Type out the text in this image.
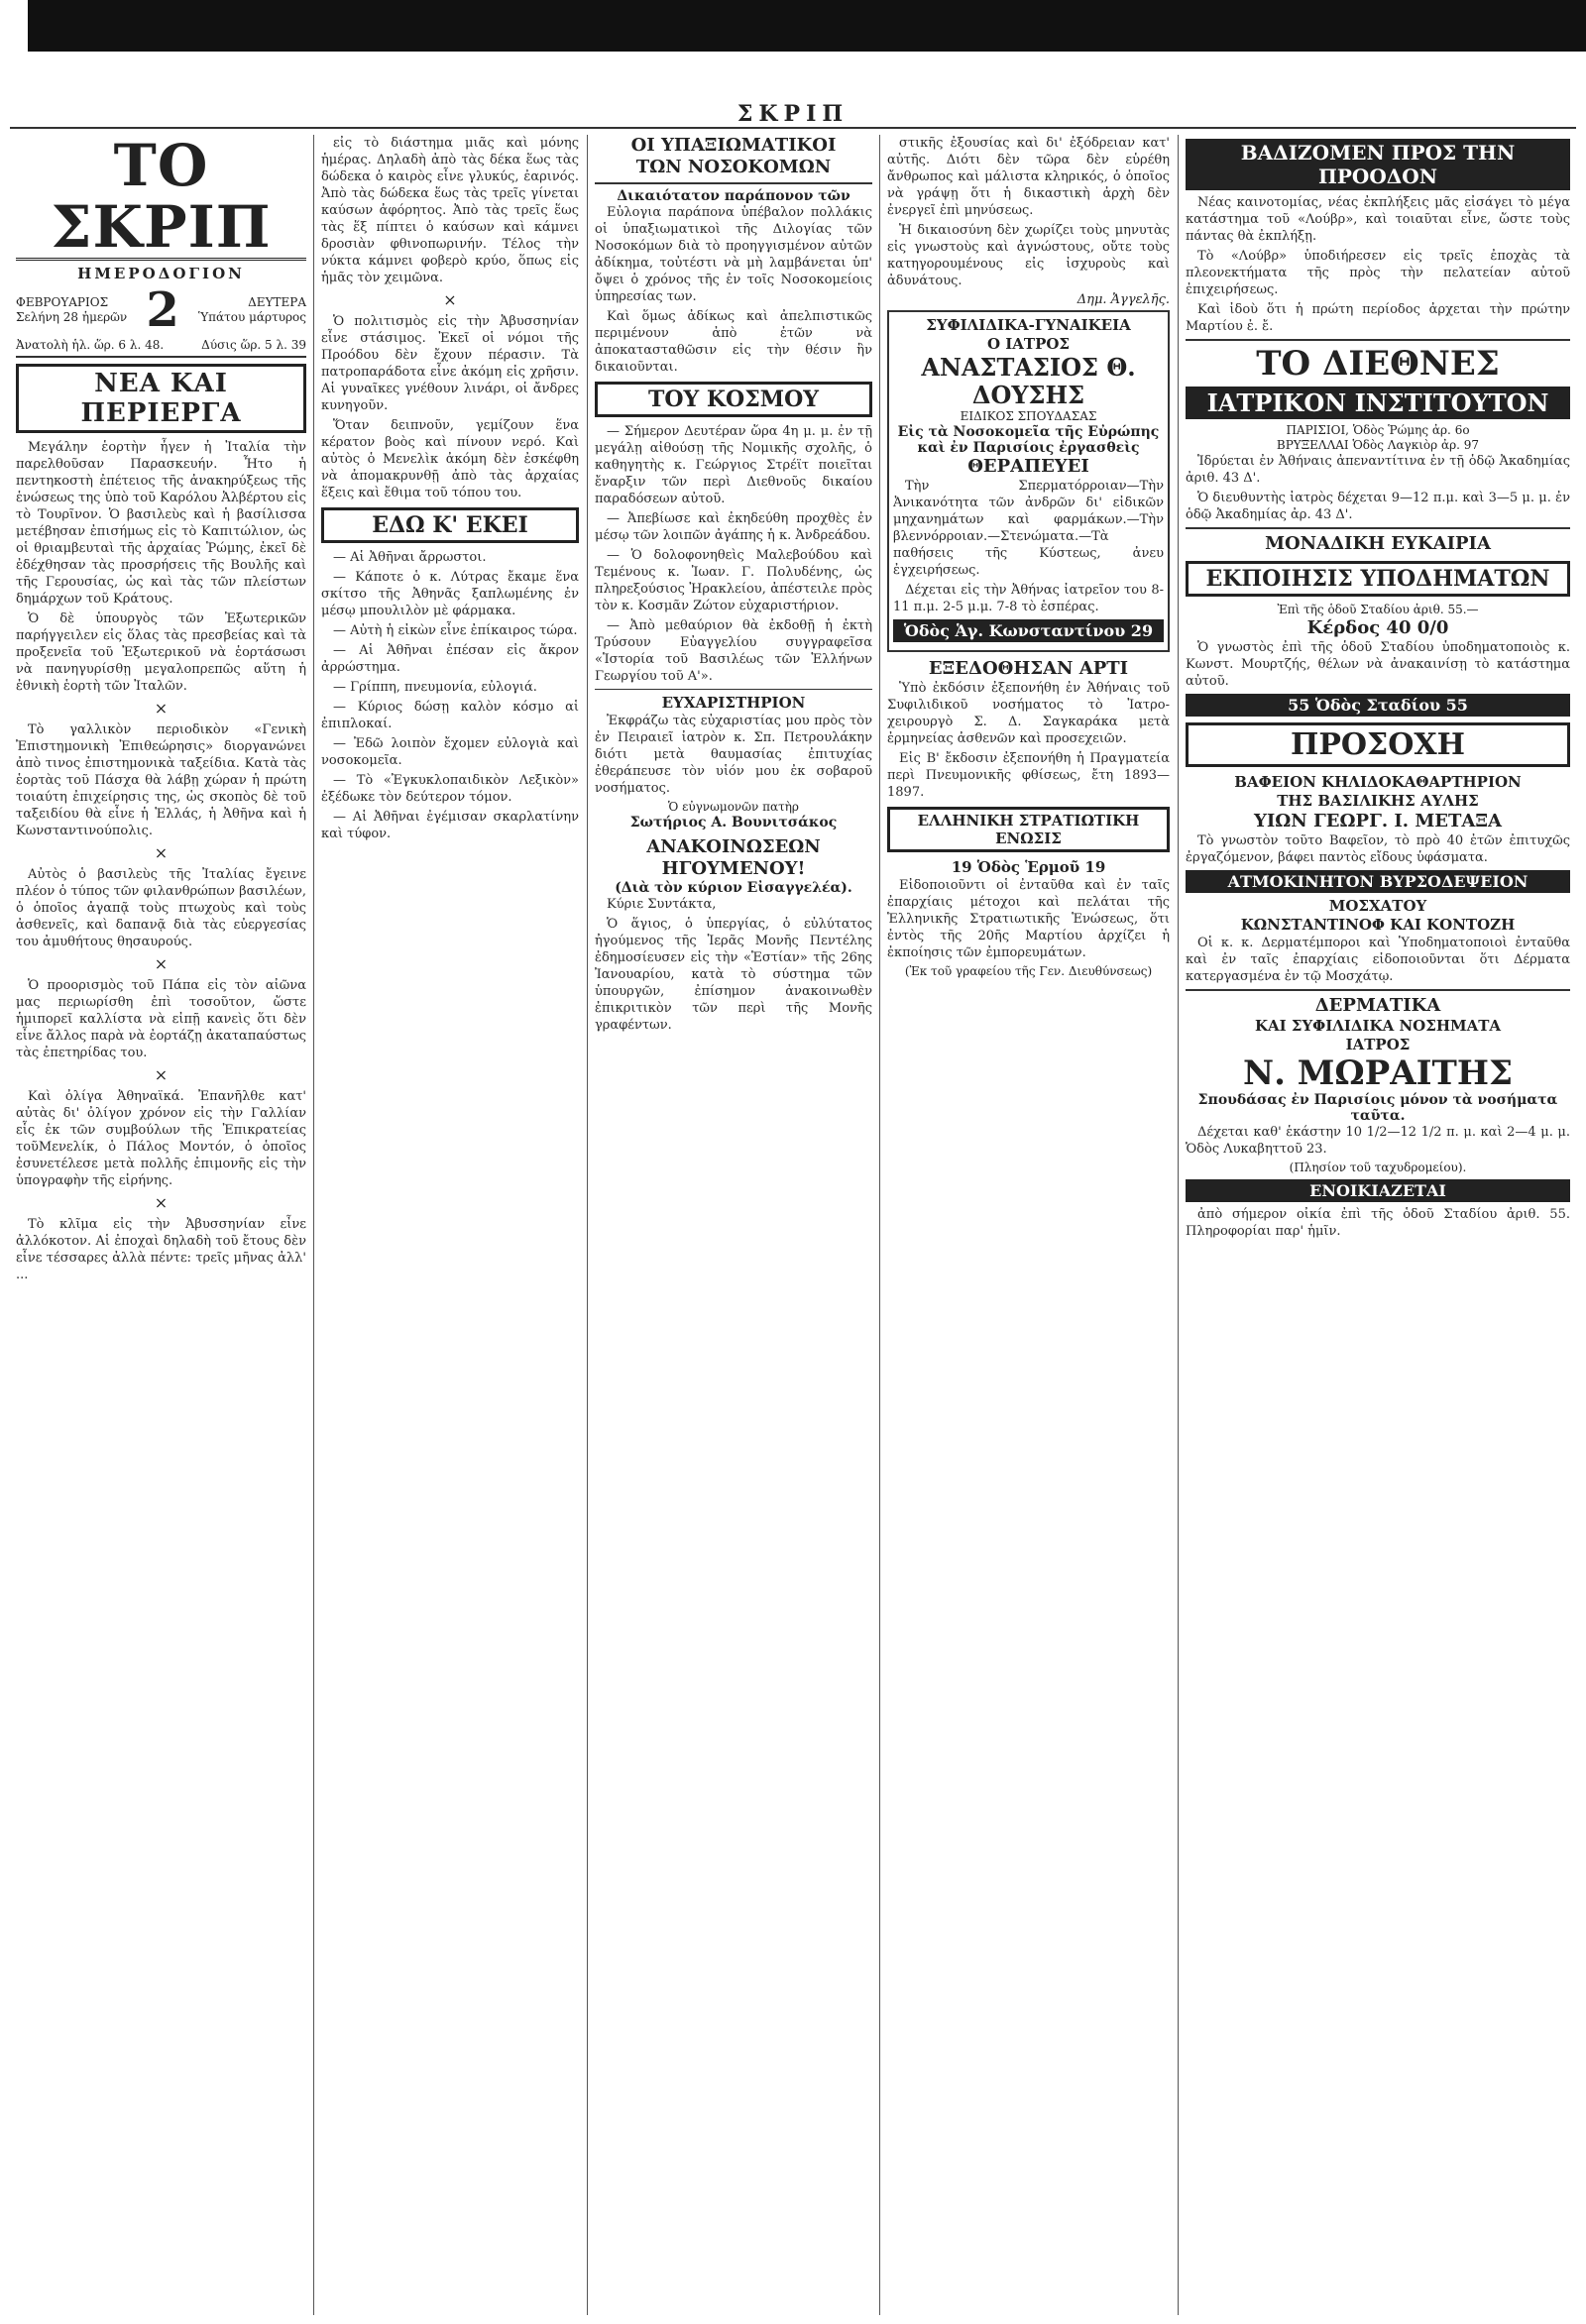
ΣΚΡΙΠ
ΤΟ ΣΚΡΙΠ
ΗΜΕΡΟΔΟΓΙΟΝ
ΦΕΒΡΟΥΑΡΙΟΣ
Σελήνη 28 ἡμερῶν 2	ΔΕΥΤΕΡΑ
Ὑπάτου μάρτυρος
Ἀνατολὴ ἡλ. ὥρ. 6 λ. 48.	Δύσις ὥρ. 5 λ. 39
ΝΕΑ ΚΑΙ ΠΕΡΙΕΡΓΑ

Μεγάλην ἑορτὴν ἦγεν ἡ Ἰταλία τὴν παρελθοῦσαν Παρασκευήν. Ἦτο ἡ πεντηκοστὴ ἐπέτειος τῆς ἀνακηρύξεως τῆς ἑνώσεως της ὑπὸ τοῦ Καρόλου Ἀλβέρτου εἰς τὸ Τουρῖνον. Ὁ βασιλεὺς καὶ ἡ βασίλισσα μετέβησαν ἐπισήμως εἰς τὸ Καπιτώλιον, ὡς οἱ θριαμβευταὶ τῆς ἀρχαίας Ῥώμης, ἐκεῖ δὲ ἐδέχθησαν τὰς προσρήσεις τῆς Βουλῆς καὶ τῆς Γερουσίας, ὡς καὶ τὰς τῶν πλείστων δημάρχων τοῦ Κράτους.

Ὁ δὲ ὑπουργὸς τῶν Ἐξωτερικῶν παρήγγειλεν εἰς ὅλας τὰς πρεσβείας καὶ τὰ προξενεῖα τοῦ Ἐξωτερικοῦ νὰ ἑορτάσωσι νὰ πανηγυρίσθῃ μεγαλοπρεπῶς αὕτη ἡ ἐθνικὴ ἑορτὴ τῶν Ἰταλῶν.

×

Τὸ γαλλικὸν περιοδικὸν «Γενικὴ Ἐπιστημονικὴ Ἐπιθεώρησις» διοργανώνει ἀπὸ τινος ἐπιστημονικὰ ταξείδια. Κατὰ τὰς ἑορτὰς τοῦ Πάσχα θὰ λάβῃ χώραν ἡ πρώτη τοιαύτη ἐπιχείρησις της, ὡς σκοπὸς δὲ τοῦ ταξειδίου θὰ εἶνε ἡ Ἑλλάς, ἡ Ἀθῆνα καὶ ἡ Κωνσταντινούπολις.

×

Αὐτὸς ὁ βασιλεὺς τῆς Ἰταλίας ἔγεινε πλέον ὁ τύπος τῶν φιλανθρώπων βασιλέων, ὁ ὁποῖος ἀγαπᾷ τοὺς πτωχοὺς καὶ τοὺς ἀσθενεῖς, καὶ δαπανᾷ διὰ τὰς εὐεργεσίας του ἀμυθήτους θησαυρούς.

×

Ὁ προορισμὸς τοῦ Πάπα εἰς τὸν αἰῶνα μας περιωρίσθη ἐπὶ τοσοῦτον, ὥστε ἡμιπορεῖ καλλίστα νὰ εἰπῇ κανεὶς ὅτι δὲν εἶνε ἄλλος παρὰ νὰ ἐορτάζῃ ἀκαταπαύστως τὰς ἐπετηρίδας του.

×

Καὶ ὀλίγα Ἀθηναϊκά. Ἐπανῆλθε κατ' αὐτὰς δι' ὀλίγον χρόνον εἰς τὴν Γαλλίαν εἷς ἐκ τῶν συμβούλων τῆς Ἐπικρατείας τοῦΜενελίκ, ὁ Πάλος Μοντόν, ὁ ὁποῖος ἐσυνετέλεσε μετὰ πολλῆς ἐπιμονῆς εἰς τὴν ὑπογραφὴν τῆς εἰρήνης.

×

Τὸ κλῖμα εἰς τὴν Ἀβυσσηνίαν εἶνε ἀλλόκοτον. Αἱ ἐποχαὶ δηλαδὴ τοῦ ἔτους δὲν εἶνε τέσσαρες ἀλλὰ πέντε: τρεῖς μῆνας ἀλλ' ...

εἰς τὸ διάστημα μιᾶς καὶ μόνης ἡμέρας. Δηλαδὴ ἀπὸ τὰς δέκα ἕως τὰς δώδεκα ὁ καιρὸς εἶνε γλυκύς, ἐαρινός. Ἀπὸ τὰς δώδεκα ἕως τὰς τρεῖς γίνεται καύσων ἀφόρητος. Ἀπὸ τὰς τρεῖς ἕως τὰς ἕξ πίπτει ὁ καύσων καὶ κάμνει δροσιὰν φθινοπωρινήν. Τέλος τὴν νύκτα κάμνει φοβερὸ κρύο, ὅπως εἰς ἡμᾶς τὸν χειμῶνα.

×

Ὁ πολιτισμὸς εἰς τὴν Ἀβυσσηνίαν εἶνε στάσιμος. Ἐκεῖ οἱ νόμοι τῆς Προόδου δὲν ἔχουν πέρασιν. Τὰ πατροπαράδοτα εἶνε ἀκόμη εἰς χρῆσιν. Αἱ γυναῖκες γνέθουν λινάρι, οἱ ἄνδρες κυνηγοῦν.

Ὅταν δειπνοῦν, γεμίζουν ἕνα κέρατον βοὸς καὶ πίνουν νερό. Καὶ αὐτὸς ὁ Μενελὶκ ἀκόμη δὲν ἐσκέφθη νὰ ἀπομακρυνθῇ ἀπὸ τὰς ἀρχαίας ἕξεις καὶ ἔθιμα τοῦ τόπου του.

ΕΔΩ Κ' ΕΚΕΙ

— Αἱ Ἀθῆναι ἄρρωστοι.

— Κάποτε ὁ κ. Λύτρας ἔκαμε ἕνα σκίτσο τῆς Ἀθηνᾶς ξαπλωμένης ἐν μέσῳ μπουλιλὸν μὲ φάρμακα.

— Αὐτὴ ἡ εἰκὼν εἶνε ἐπίκαιρος τώρα.

— Αἱ Ἀθῆναι ἐπέσαν εἰς ἄκρον ἀρρώστημα.

— Γρίππη, πνευμονία, εὐλογιά.

— Κύριος δώσῃ καλὸν κόσμο αἱ ἐπιπλοκαί.

— Ἐδῶ λοιπὸν ἔχομεν εὐλογιὰ καὶ νοσοκομεῖα.

— Τὸ «Ἐγκυκλοπαιδικὸν Λεξικὸν» ἐξέδωκε τὸν δεύτερον τόμον.

— Αἱ Ἀθῆναι ἐγέμισαν σκαρλατίνην καὶ τύφον.

ΟΙ ΥΠΑΞΙΩΜΑΤΙΚΟΙ
ΤΩΝ ΝΟΣΟΚΟΜΩΝ
Δικαιότατον παράπονον τῶν

Εὐλογια παράπονα ὑπέβαλον πολλάκις οἱ ὑπαξιωματικοὶ τῆς Διλογίας τῶν Νοσοκόμων διὰ τὸ προηγγισμένον αὐτῶν ἀδίκημα, τοὐτέστι νὰ μὴ λαμβάνεται ὑπ' ὄψει ὁ χρόνος τῆς ἐν τοῖς Νοσοκομείοις ὑπηρεσίας των.

Καὶ ὅμως ἀδίκως καὶ ἀπελπιστικῶς περιμένουν ἀπὸ ἐτῶν νὰ ἀποκατασταθῶσιν εἰς τὴν θέσιν ἣν δικαιοῦνται.

ΤΟΥ ΚΟΣΜΟΥ

— Σήμερον Δευτέραν ὥρα 4η μ. μ. ἐν τῇ μεγάλῃ αἰθούσῃ τῆς Νομικῆς σχολῆς, ὁ καθηγητὴς κ. Γεώργιος Στρέϊτ ποιεῖται ἔναρξιν τῶν περὶ Διεθνοῦς δικαίου παραδόσεων αὐτοῦ.

— Ἀπεβίωσε καὶ ἐκηδεύθη προχθὲς ἐν μέσῳ τῶν λοιπῶν ἀγάπης ἡ κ. Ἀνδρεάδου.

— Ὁ δολοφονηθεὶς Μαλεβούδου καὶ Τεμένους κ. Ἰωαν. Γ. Πολυδένης, ὡς πληρεξούσιος Ἠρακλείου, ἀπέστειλε πρὸς τὸν κ. Κοσμᾶν Ζώτον εὐχαριστήριον.

— Ἀπὸ μεθαύριον θὰ ἐκδοθῇ ἡ ἐκτὴ Τρύσουν Εὐαγγελίου συγγραφεῖσα «Ἱστορία τοῦ Βασιλέως τῶν Ἑλλήνων Γεωργίου τοῦ Α'».

ΕΥΧΑΡΙΣΤΗΡΙΟΝ

Ἐκφράζω τὰς εὐχαριστίας μου πρὸς τὸν ἐν Πειραιεῖ ἰατρὸν κ. Σπ. Πετρουλάκην διότι μετὰ θαυμασίας ἐπιτυχίας ἐθεράπευσε τὸν υἱόν μου ἐκ σοβαροῦ νοσήματος.

Ὁ εὐγνωμονῶν πατὴρ
Σωτήριος Α. Βουνιτσάκος
ΑΝΑΚΟΙΝΩΣΕΩΝ ΗΓΟΥΜΕΝΟΥ!
(Διὰ τὸν κύριον Εἰσαγγελέα).

Κύριε Συντάκτα,

Ὁ ἅγιος, ὁ ὑπεργίας, ὁ εὐλύτατος ἠγούμενος τῆς Ἱερᾶς Μονῆς Πεντέλης ἐδημοσίευσεν εἰς τὴν «Ἑστίαν» τῆς 26ης Ἰανουαρίου, κατὰ τὸ σύστημα τῶν ὑπουργῶν, ἐπίσημον ἀνακοινωθὲν ἐπικριτικὸν τῶν περὶ τῆς Μονῆς γραφέντων.

στικῆς ἐξουσίας καὶ δι' ἐξόδρειαν κατ' αὐτῆς. Διότι δὲν τῶρα δὲν εὑρέθη ἄνθρωπος καὶ μάλιστα κληρικός, ὁ ὁποῖος νὰ γράψῃ ὅτι ἡ δικαστικὴ ἀρχὴ δὲν ἐνεργεῖ ἐπὶ μηνύσεως.

Ἡ δικαιοσύνη δὲν χωρίζει τοὺς μηνυτὰς εἰς γνωστοὺς καὶ ἀγνώστους, οὔτε τοὺς κατηγορουμένους εἰς ἰσχυροὺς καὶ ἀδυνάτους.

Δημ. Ἀγγελῆς.
ΣΥΦΙΛΙΔΙΚΑ-ΓΥΝΑΙΚΕΙΑ
Ο ΙΑΤΡΟΣ
ΑΝΑΣΤΑΣΙΟΣ Θ. ΔΟΥΣΗΣ
ΕΙΔΙΚΟΣ ΣΠΟΥΔΑΣΑΣ
Εἰς τὰ Νοσοκομεῖα τῆς Εὐρώπης καὶ ἐν Παρισίοις ἐργασθεὶς
ΘΕΡΑΠΕΥΕΙ

Τὴν Σπερματόρροιαν—Τὴν Ἀνικανότητα τῶν ἀνδρῶν δι' εἰδικῶν μηχανημάτων καὶ φαρμάκων.—Τὴν βλεννόρροιαν.—Στενώματα.—Τὰ παθήσεις τῆς Κύστεως, ἀνευ ἐγχειρήσεως.

Δέχεται εἰς τὴν Ἀθήνας ἰατρεῖον του 8-11 π.μ. 2-5 μ.μ. 7-8 τὸ ἑσπέρας.

Ὁδὸς Ἁγ. Κωνσταντίνου 29
ΕΞΕΔΟΘΗΣΑΝ ΑΡΤΙ

Ὑπὸ ἐκδόσιν ἐξεπονήθη ἐν Ἀθήναις τοῦ Συφιλιδικοῦ νοσήματος τὸ Ἰατρο-χειρουργὸ Σ. Δ. Σαγκαράκα μετὰ ἐρμηνείας ἀσθενῶν καὶ προσεχειῶν.

Εἰς Β' ἔκδοσιν ἐξεπονήθη ἡ Πραγματεία περὶ Πνευμονικῆς φθίσεως, ἔτη 1893—1897.

ΕΛΛΗΝΙΚΗ ΣΤΡΑΤΙΩΤΙΚΗ ΕΝΩΣΙΣ
19 Ὁδὸς Ἑρμοῦ 19

Εἰδοποιοῦντι οἱ ἐνταῦθα καὶ ἐν ταῖς ἐπαρχίαις μέτοχοι καὶ πελάται τῆς Ἑλληνικῆς Στρατιωτικῆς Ἑνώσεως, ὅτι ἐντὸς τῆς 20ῆς Μαρτίου ἀρχίζει ἡ ἐκποίησις τῶν ἐμπορευμάτων.

(Ἐκ τοῦ γραφείου τῆς Γεν. Διευθύνσεως)
ΒΑΔΙΖΟΜΕΝ ΠΡΟΣ ΤΗΝ ΠΡΟΟΔΟΝ

Νέας καινοτομίας, νέας ἐκπλήξεις μᾶς εἰσάγει τὸ μέγα κατάστημα τοῦ «Λούβρ», καὶ τοιαῦται εἶνε, ὥστε τοὺς πάντας θὰ ἐκπλήξῃ.

Τὸ «Λούβρ» ὑποδιήρεσεν εἰς τρεῖς ἐποχὰς τὰ πλεονεκτήματα τῆς πρὸς τὴν πελατείαν αὐτοῦ ἐπιχειρήσεως.

Καὶ ἰδοὺ ὅτι ἡ πρώτη περίοδος ἀρχεται τὴν πρώτην Μαρτίου ἐ. ἔ.

ΤΟ ΔΙΕΘΝΕΣ
ΙΑΤΡΙΚΟΝ ΙΝΣΤΙΤΟΥΤΟΝ
ΠΑΡΙΣΙΟΙ, Ὁδὸς Ῥώμης ἀρ. 6ο
ΒΡΥΞΕΛΛΑΙ Ὁδὸς Λαγκιὸρ ἀρ. 97

Ἱδρύεται ἐν Ἀθήναις ἀπεναντίτινα ἐν τῇ ὁδῷ Ἀκαδημίας ἀριθ. 43 Δ'.

Ὁ διευθυντὴς ἰατρὸς δέχεται 9—12 π.μ. καὶ 3—5 μ. μ. ἐν ὁδῷ Ἀκαδημίας ἀρ. 43 Δ'.

ΜΟΝΑΔΙΚΗ ΕΥΚΑΙΡΙΑ
ΕΚΠΟΙΗΣΙΣ ΥΠΟΔΗΜΑΤΩΝ
Ἐπὶ τῆς ὁδοῦ Σταδίου ἀριθ. 55.—
Κέρδος 40 0/0

Ὁ γνωστὸς ἐπὶ τῆς ὁδοῦ Σταδίου ὑποδηματοποιὸς κ. Κωνστ. Μουρτζής, θέλων νὰ ἀνακαινίσῃ τὸ κατάστημα αὐτοῦ.

55 Ὁδὸς Σταδίου 55
ΠΡΟΣΟΧΗ
ΒΑΦΕΙΟΝ ΚΗΛΙΔΟΚΑΘΑΡΤΗΡΙΟΝ
ΤΗΣ ΒΑΣΙΛΙΚΗΣ ΑΥΛΗΣ
ΥΙΩΝ ΓΕΩΡΓ. Ι. ΜΕΤΑΞΑ

Τὸ γνωστὸν τοῦτο Βαφεῖον, τὸ πρὸ 40 ἐτῶν ἐπιτυχῶς ἐργαζόμενον, βάφει παντὸς εἴδους ὑφάσματα.

ΑΤΜΟΚΙΝΗΤΟΝ ΒΥΡΣΟΔΕΨΕΙΟΝ
ΜΟΣΧΑΤΟΥ
ΚΩΝΣΤΑΝΤΙΝΟΦ ΚΑΙ ΚΟΝΤΟΖΗ

Οἱ κ. κ. Δερματέμποροι καὶ Ὑποδηματοποιοὶ ἐνταῦθα καὶ ἐν ταῖς ἐπαρχίαις εἰδοποιοῦνται ὅτι Δέρματα κατεργασμένα ἐν τῷ Μοσχάτῳ.

ΔΕΡΜΑΤΙΚΑ
ΚΑΙ ΣΥΦΙΛΙΔΙΚΑ ΝΟΣΗΜΑΤΑ
ΙΑΤΡΟΣ
Ν. ΜΩΡΑΙΤΗΣ
Σπουδάσας ἐν Παρισίοις μόνον τὰ νοσήματα ταῦτα.

Δέχεται καθ' ἑκάστην 10 1/2—12 1/2 π. μ. καὶ 2—4 μ. μ. Ὁδὸς Λυκαβηττοῦ 23.

(Πλησίον τοῦ ταχυδρομείου).
ΕΝΟΙΚΙΑΖΕΤΑΙ

ἀπὸ σήμερον οἰκία ἐπὶ τῆς ὁδοῦ Σταδίου ἀριθ. 55. Πληροφορίαι παρ' ἡμῖν.
